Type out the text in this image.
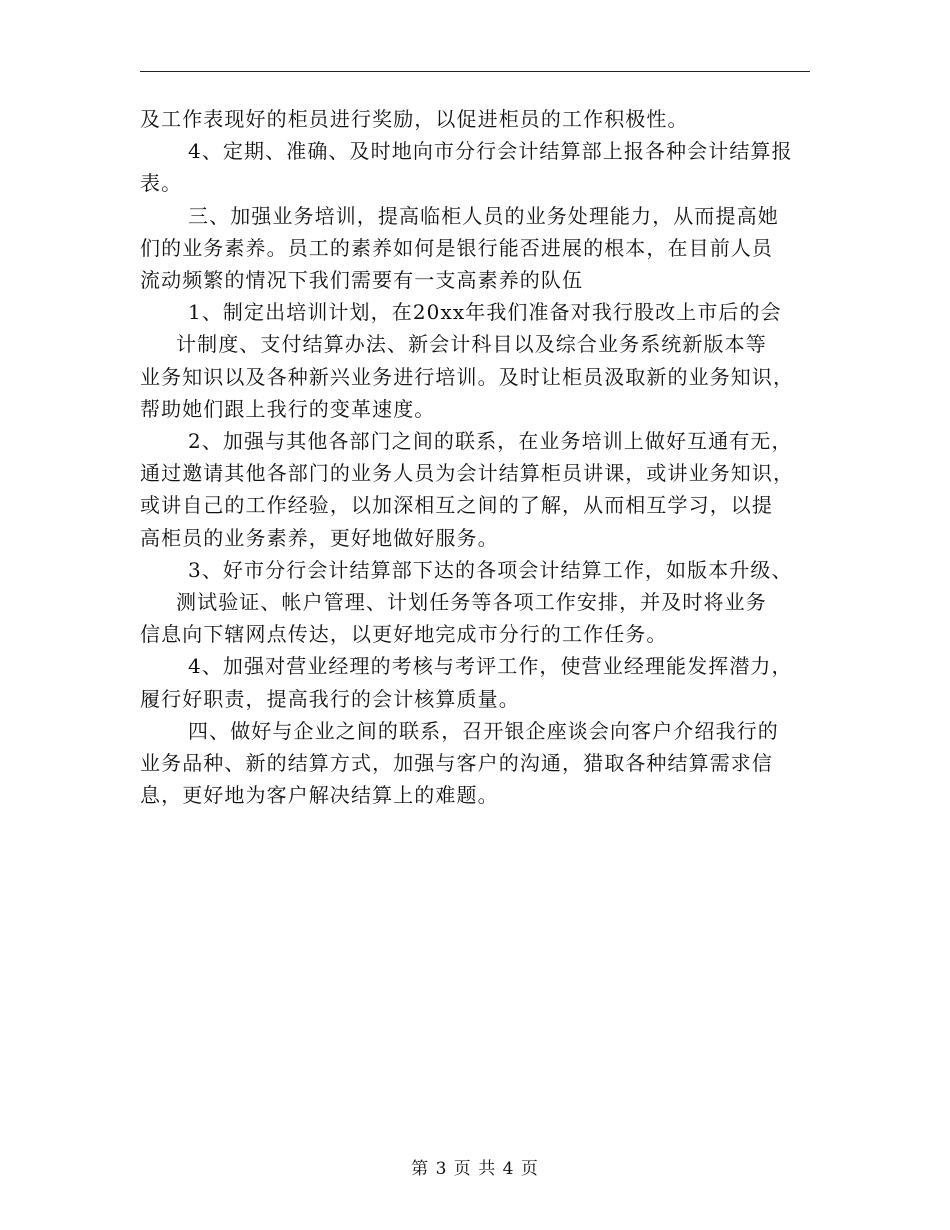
及工作表现好的柜员进行奖励，以促进柜员的工作积极性。

4、定期、准确、及时地向市分行会计结算部上报各种会计结算报

表。

三、加强业务培训，提高临柜人员的业务处理能力，从而提高她

们的业务素养。员工的素养如何是银行能否进展的根本，在目前人员

流动频繁的情况下我们需要有一支高素养的队伍

1、制定出培训计划，在20xx年我们准备对我行股改上市后的会

计制度、支付结算办法、新会计科目以及综合业务系统新版本等

业务知识以及各种新兴业务进行培训。及时让柜员汲取新的业务知识，

帮助她们跟上我行的变革速度。

2、加强与其他各部门之间的联系，在业务培训上做好互通有无，

通过邀请其他各部门的业务人员为会计结算柜员讲课，或讲业务知识，

或讲自己的工作经验，以加深相互之间的了解，从而相互学习，以提

高柜员的业务素养，更好地做好服务。

3、好市分行会计结算部下达的各项会计结算工作，如版本升级、

测试验证、帐户管理、计划任务等各项工作安排，并及时将业务

信息向下辖网点传达，以更好地完成市分行的工作任务。

4、加强对营业经理的考核与考评工作，使营业经理能发挥潜力，

履行好职责，提高我行的会计核算质量。

四、做好与企业之间的联系，召开银企座谈会向客户介绍我行的

业务品种、新的结算方式，加强与客户的沟通，猎取各种结算需求信

息，更好地为客户解决结算上的难题。

第 3 页 共 4 页
